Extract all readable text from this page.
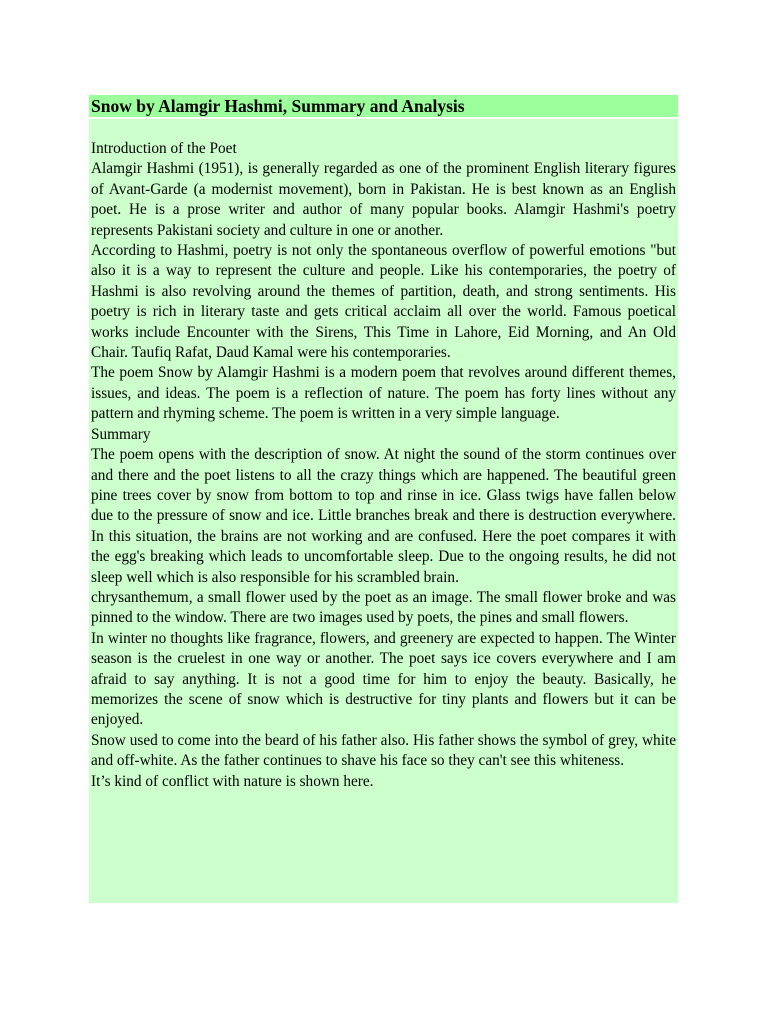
Snow by Alamgir Hashmi, Summary and Analysis

Introduction of the Poet

Alamgir Hashmi (1951), is generally regarded as one of the prominent English literary figures of Avant-Garde (a modernist movement), born in Pakistan. He is best known as an English poet. He is a prose writer and author of many popular books. Alamgir Hashmi's poetry represents Pakistani society and culture in one or another.

According to Hashmi, poetry is not only the spontaneous overflow of powerful emotions "but also it is a way to represent the culture and people. Like his contemporaries, the poetry of Hashmi is also revolving around the themes of partition, death, and strong sentiments. His poetry is rich in literary taste and gets critical acclaim all over the world. Famous poetical works include Encounter with the Sirens, This Time in Lahore, Eid Morning, and An Old Chair. Taufiq Rafat, Daud Kamal were his contemporaries.

The poem Snow by Alamgir Hashmi is a modern poem that revolves around different themes, issues, and ideas. The poem is a reflection of nature. The poem has forty lines without any pattern and rhyming scheme. The poem is written in a very simple language.

Summary

The poem opens with the description of snow. At night the sound of the storm continues over and there and the poet listens to all the crazy things which are happened. The beautiful green pine trees cover by snow from bottom to top and rinse in ice. Glass twigs have fallen below due to the pressure of snow and ice. Little branches break and there is destruction everywhere. In this situation, the brains are not working and are confused. Here the poet compares it with the egg's breaking which leads to uncomfortable sleep. Due to the ongoing results, he did not sleep well which is also responsible for his scrambled brain.

chrysanthemum, a small flower used by the poet as an image. The small flower broke and was pinned to the window. There are two images used by poets, the pines and small flowers.

In winter no thoughts like fragrance, flowers, and greenery are expected to happen. The Winter season is the cruelest in one way or another. The poet says ice covers everywhere and I am afraid to say anything. It is not a good time for him to enjoy the beauty. Basically, he memorizes the scene of snow which is destructive for tiny plants and flowers but it can be enjoyed.

Snow used to come into the beard of his father also. His father shows the symbol of grey, white and off-white. As the father continues to shave his face so they can't see this whiteness.

It’s kind of conflict with nature is shown here.
